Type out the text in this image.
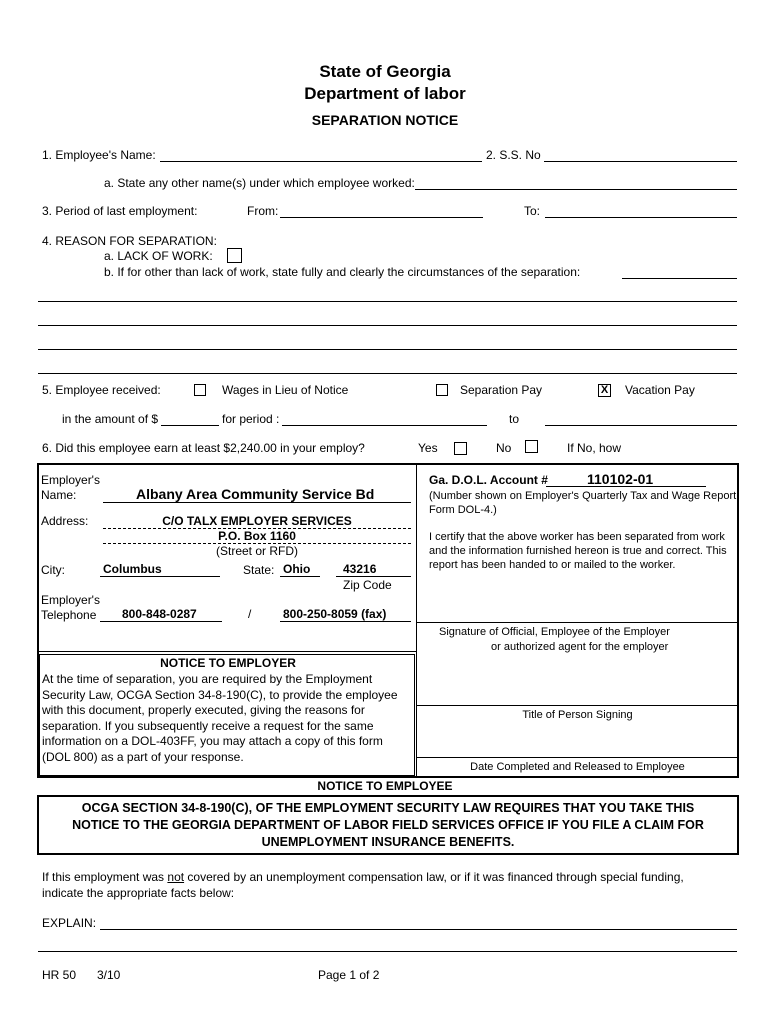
State of Georgia
Department of labor
SEPARATION NOTICE
1. Employee's Name:	2. S.S. No
a. State any other name(s) under which employee worked:
3. Period of last employment:	From:	To:
4. REASON FOR SEPARATION:
a. LACK OF WORK:
b. If for other than lack of work, state fully and clearly the circumstances of the separation:
5. Employee received:	Wages in Lieu of Notice	Separation Pay	X Vacation Pay
in the amount of $	for period :	to
6. Did this employee earn at least $2,240.00 in your employ?	Yes	No	If No, how
Employer's
Name:	Albany Area Community Service Bd
Address:	C/O TALX EMPLOYER SERVICES
P.O. Box 1160
(Street or RFD)
City:	Columbus	State: Ohio	43216
Zip Code
Employer's
Telephone 800-848-0287	/	800-250-8059 (fax)
NOTICE TO EMPLOYER
At the time of separation, you are required by the Employment Security Law, OCGA Section 34-8-190(C), to provide the employee with this document, properly executed, giving the reasons for separation. If you subsequently receive a request for the same information on a DOL-403FF, you may attach a copy of this form (DOL 800) as a part of your response.
Ga. D.O.L. Account #	110102-01
(Number shown on Employer's Quarterly Tax and Wage Report,
Form DOL-4.)
I certify that the above worker has been separated from work
and the information furnished hereon is true and correct. This
report has been handed to or mailed to the worker.
Signature of Official, Employee of the Employer
or authorized agent for the employer
Title of Person Signing
Date Completed and Released to Employee
NOTICE TO EMPLOYEE
OCGA SECTION 34-8-190(C), OF THE EMPLOYMENT SECURITY LAW REQUIRES THAT YOU TAKE THIS
NOTICE TO THE GEORGIA DEPARTMENT OF LABOR FIELD SERVICES OFFICE IF YOU FILE A CLAIM FOR
UNEMPLOYMENT INSURANCE BENEFITS.
If this employment was not covered by an unemployment compensation law, or if it was financed through special funding,
indicate the appropriate facts below:
EXPLAIN:
HR 50 3/10	Page 1 of 2
